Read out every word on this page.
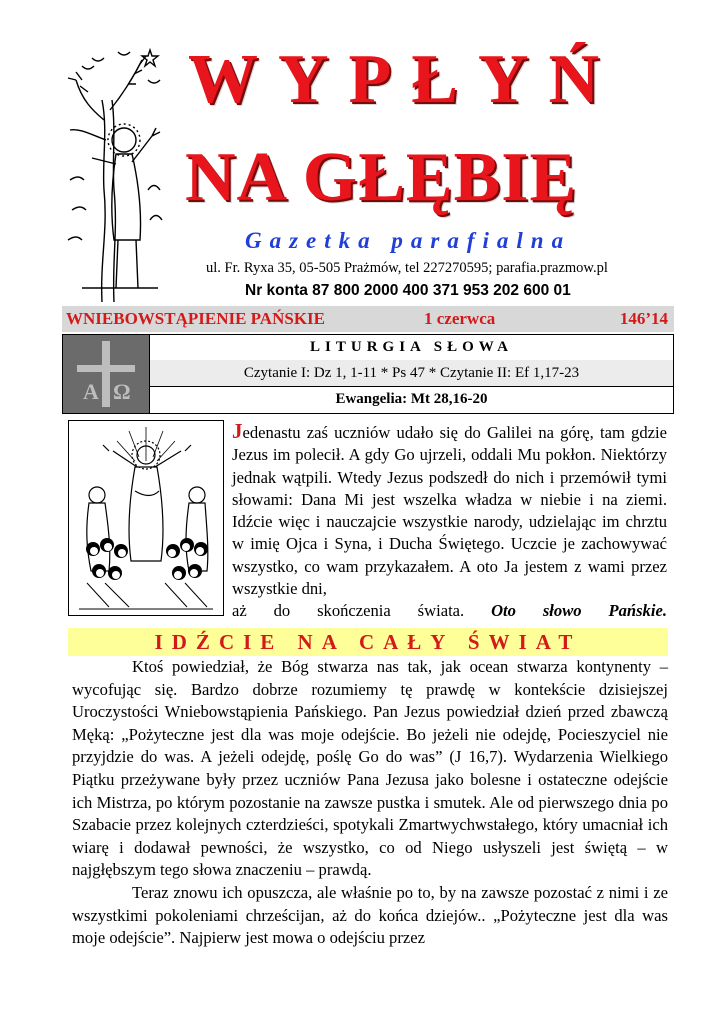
WYPŁYŃ
NA GŁĘBIĘ
Gazetka parafialna
ul. Fr. Ryxa 35, 05-505 Prażmów, tel 227270595; parafia.prazmow.pl
Nr konta 87 800 2000 400 371 953 202 600 01
WNIEBOWSTĄPIENIE PAŃSKIE	1 czerwca	146’14
A Ω
LITURGIA SŁOWA
Czytanie I: Dz 1, 1-11 * Ps 47 * Czytanie II: Ef 1,17-23
Ewangelia: Mt 28,16-20
Jedenastu zaś uczniów udało się do Galilei na górę, tam gdzie Jezus im polecił. A gdy Go ujrzeli, oddali Mu pokłon. Niektórzy jednak wątpili. Wtedy Jezus podszedł do nich i przemówił tymi słowami: Dana Mi jest wszelka władza w niebie i na ziemi. Idźcie więc i nauczajcie wszystkie narody, udzielając im chrztu w imię Ojca i Syna, i Ducha Świętego. Uczcie je zachowywać wszystko, co wam przykazałem. A oto Ja jestem z wami przez wszystkie dni,
aż do skończenia świata. Oto słowo Pańskie.
IDŹCIE NA CAŁY ŚWIAT

Ktoś powiedział, że Bóg stwarza nas tak, jak ocean stwarza kontynenty – wycofując się. Bardzo dobrze rozumiemy tę prawdę w kontekście dzisiejszej Uroczystości Wniebowstąpienia Pańskiego. Pan Jezus powiedział dzień przed zbawczą Męką: „Pożyteczne jest dla was moje odejście. Bo jeżeli nie odejdę, Pocieszyciel nie przyjdzie do was. A jeżeli odejdę, poślę Go do was” (J 16,7). Wydarzenia Wielkiego Piątku przeżywane były przez uczniów Pana Jezusa jako bolesne i ostateczne odejście ich Mistrza, po którym pozostanie na zawsze pustka i smutek. Ale od pierwszego dnia po Szabacie przez kolejnych czterdzieści, spotykali Zmartwychwstałego, który umacniał ich wiarę i dodawał pewności, że wszystko, co od Niego usłyszeli jest świętą – w najgłębszym tego słowa znaczeniu – prawdą.

Teraz znowu ich opuszcza, ale właśnie po to, by na zawsze pozostać z nimi i ze wszystkimi pokoleniami chrześcijan, aż do końca dziejów.. „Pożyteczne jest dla was moje odejście”. Najpierw jest mowa o odejściu przez
